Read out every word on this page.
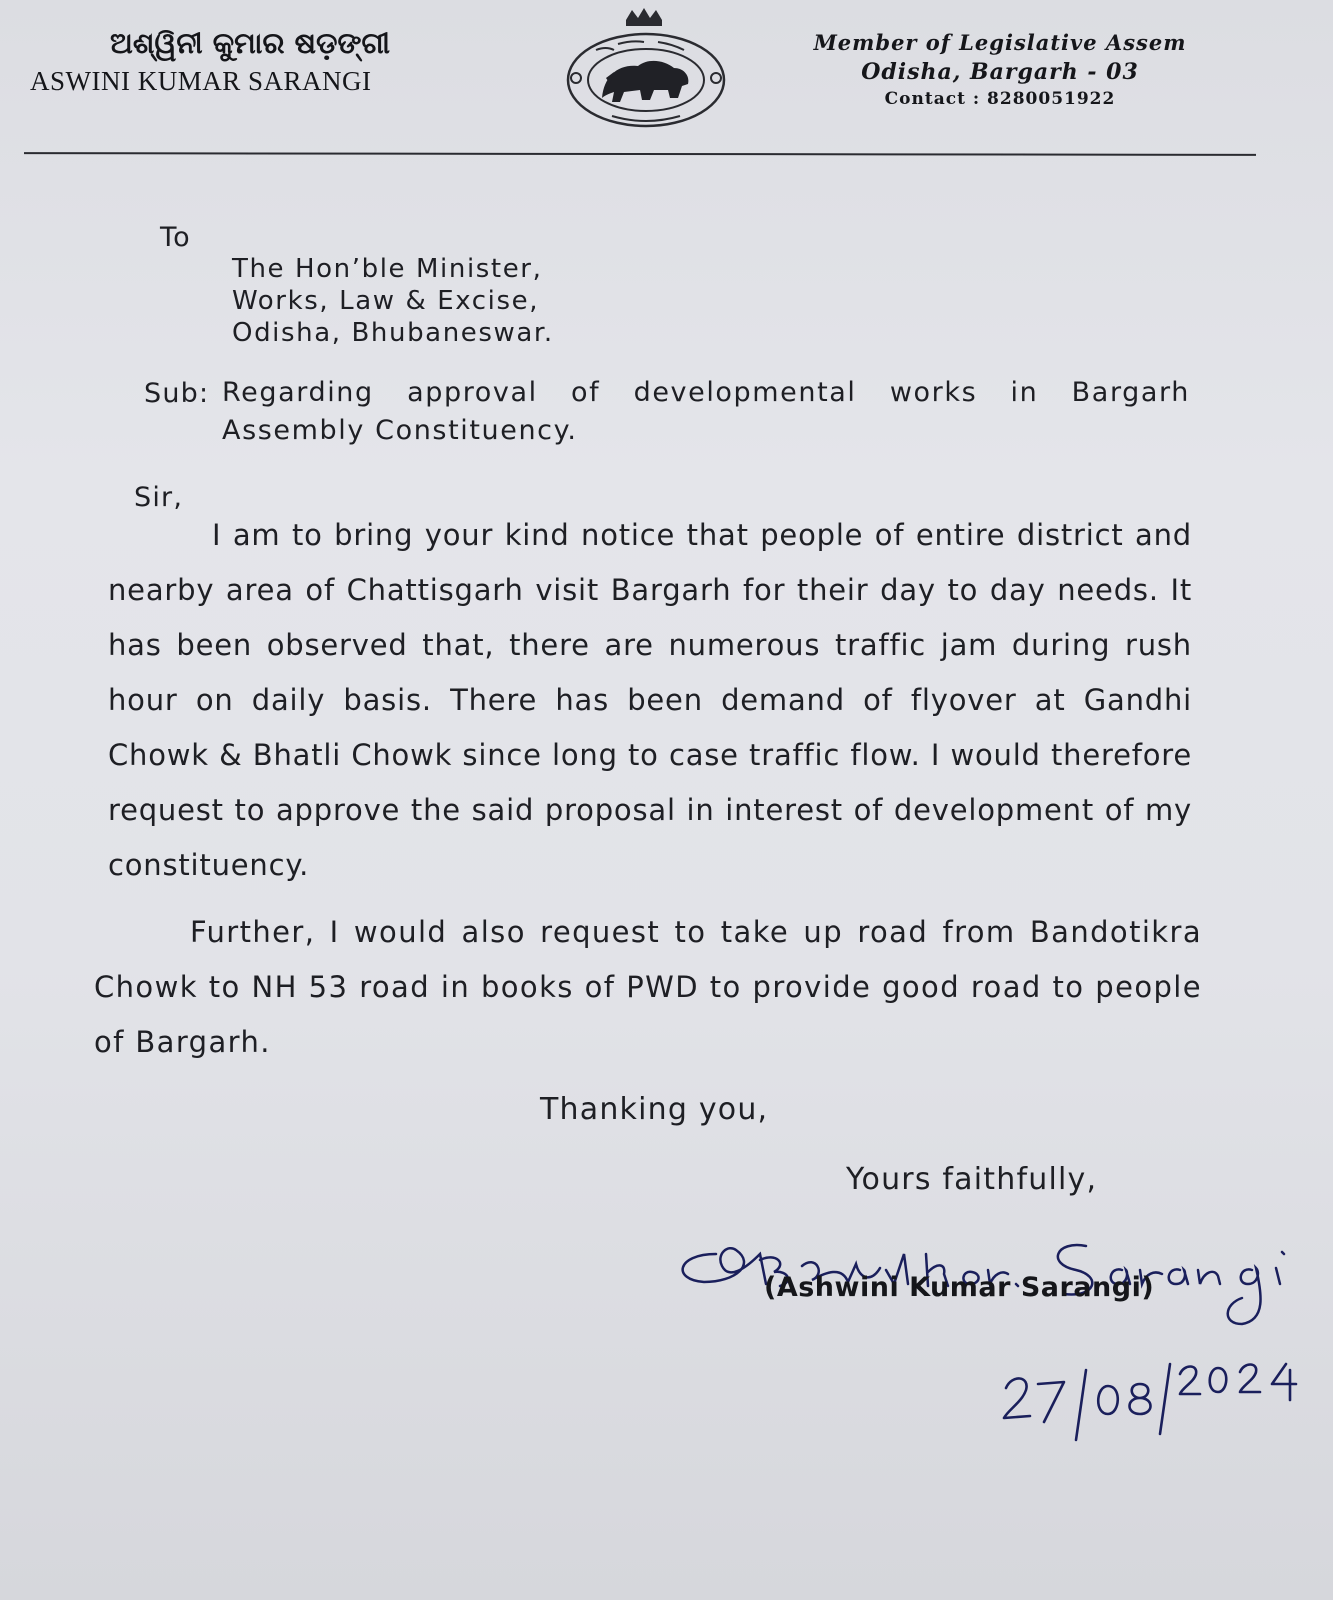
ଅଶ୍ୱିନୀ କୁମାର ଷଡ଼ଙ୍ଗୀ
ASWINI KUMAR SARANGI
Member of Legislative Assem
Odisha, Bargarh - 03
Contact : 8280051922
To
The Hon’ble Minister,
Works, Law & Excise,
Odisha, Bhubaneswar.
Sub: Regarding approval of developmental works in Bargarh Assembly Constituency.
Sir,
I am to bring your kind notice that people of entire district and nearby area of Chattisgarh visit Bargarh for their day to day needs. It has been observed that, there are numerous traffic jam during rush hour on daily basis. There has been demand of flyover at Gandhi Chowk & Bhatli Chowk since long to case traffic flow. I would therefore request to approve the said proposal in interest of development of my constituency.
Further, I would also request to take up road from Bandotikra Chowk to NH 53 road in books of PWD to provide good road to people of Bargarh.
Thanking you,
Yours faithfully,
(Ashwini Kumar Sarangi)
